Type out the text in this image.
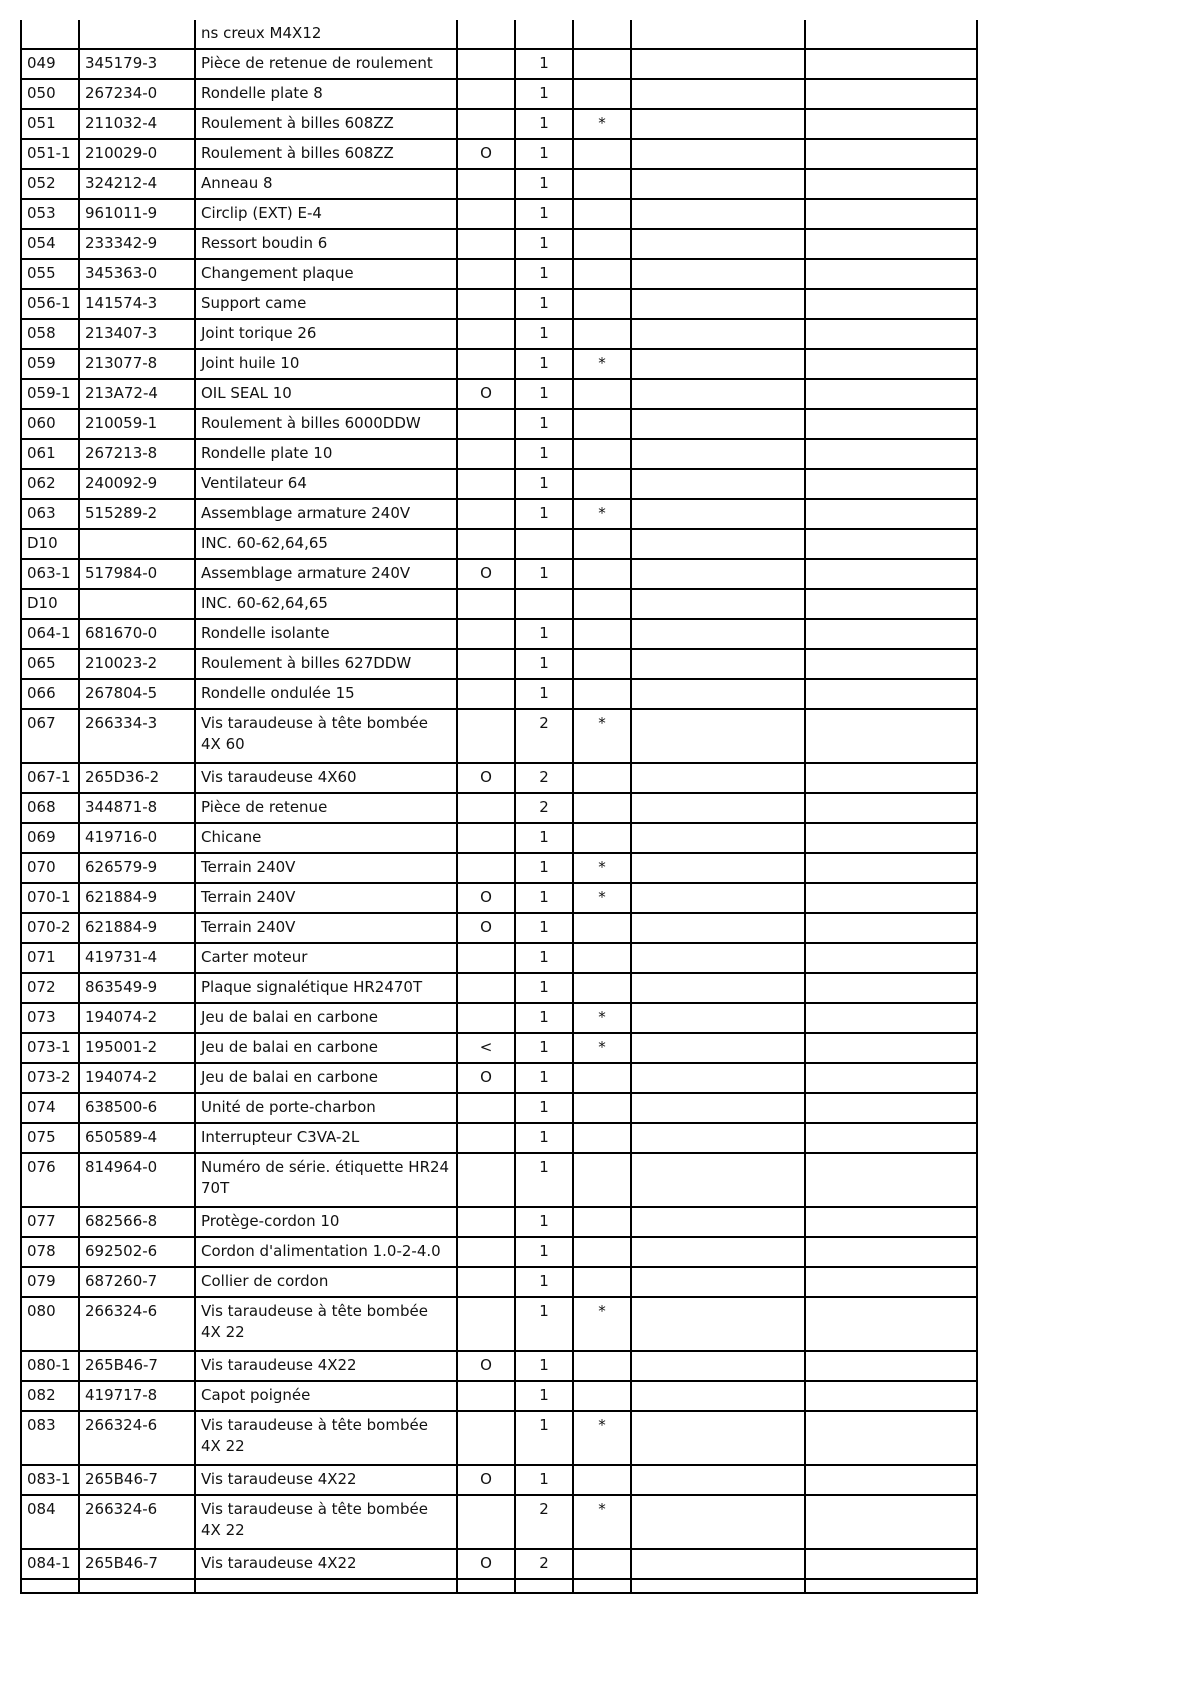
		ns creux M4X12					
049	345179-3	Pièce de retenue de roulement		1			
050	267234-0	Rondelle plate 8		1			
051	211032-4	Roulement à billes 608ZZ		1	*		
051-1	210029-0	Roulement à billes 608ZZ	O	1			
052	324212-4	Anneau 8		1			
053	961011-9	Circlip (EXT) E-4		1			
054	233342-9	Ressort boudin 6		1			
055	345363-0	Changement plaque		1			
056-1	141574-3	Support came		1			
058	213407-3	Joint torique 26		1			
059	213077-8	Joint huile 10		1	*		
059-1	213A72-4	OIL SEAL 10	O	1			
060	210059-1	Roulement à billes 6000DDW		1			
061	267213-8	Rondelle plate 10		1			
062	240092-9	Ventilateur 64		1			
063	515289-2	Assemblage armature 240V		1	*		
D10		INC. 60-62,64,65					
063-1	517984-0	Assemblage armature 240V	O	1			
D10		INC. 60-62,64,65					
064-1	681670-0	Rondelle isolante		1			
065	210023-2	Roulement à billes 627DDW		1			
066	267804-5	Rondelle ondulée 15		1			
067	266334-3	Vis taraudeuse à tête bombée 4X 60		2	*		
067-1	265D36-2	Vis taraudeuse 4X60	O	2			
068	344871-8	Pièce de retenue		2			
069	419716-0	Chicane		1			
070	626579-9	Terrain 240V		1	*		
070-1	621884-9	Terrain 240V	O	1	*		
070-2	621884-9	Terrain 240V	O	1			
071	419731-4	Carter moteur		1			
072	863549-9	Plaque signalétique HR2470T		1			
073	194074-2	Jeu de balai en carbone		1	*		
073-1	195001-2	Jeu de balai en carbone	<	1	*		
073-2	194074-2	Jeu de balai en carbone	O	1			
074	638500-6	Unité de porte-charbon		1			
075	650589-4	Interrupteur C3VA-2L		1			
076	814964-0	Numéro de série. étiquette HR24 70T		1			
077	682566-8	Protège-cordon 10		1			
078	692502-6	Cordon d'alimentation 1.0-2-4.0		1			
079	687260-7	Collier de cordon		1			
080	266324-6	Vis taraudeuse à tête bombée 4X 22		1	*		
080-1	265B46-7	Vis taraudeuse 4X22	O	1			
082	419717-8	Capot poignée		1			
083	266324-6	Vis taraudeuse à tête bombée 4X 22		1	*		
083-1	265B46-7	Vis taraudeuse 4X22	O	1			
084	266324-6	Vis taraudeuse à tête bombée 4X 22		2	*		
084-1	265B46-7	Vis taraudeuse 4X22	O	2			
